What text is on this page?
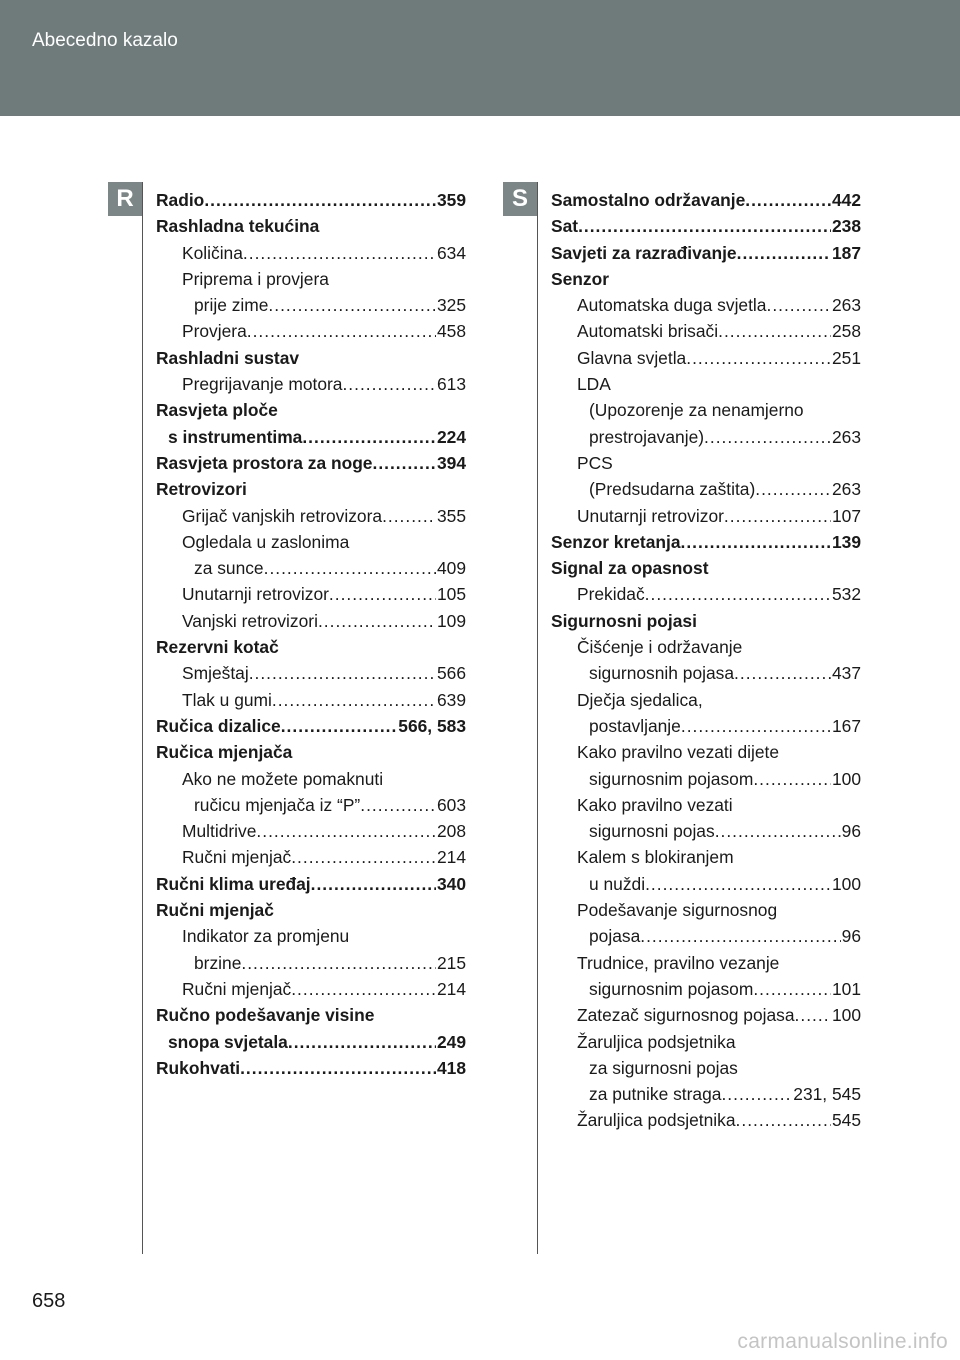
Abecedno kazalo
R	S
Radio .....	359
Rashladna tekućina
Količina .....	634
Priprema i provjera
prije zime .....	325
Provjera .....	458
Rashladni sustav
Pregrijavanje motora .....	613
Rasvjeta ploče
s instrumentima .....	224
Rasvjeta prostora za noge .....	394
Retrovizori
Grijač vanjskih retrovizora .....	355
Ogledala u zaslonima
za sunce .....	409
Unutarnji retrovizor .....	105
Vanjski retrovizori .....	109
Rezervni kotač
Smještaj .....	566
Tlak u gumi .....	639
Ručica dizalice .....	566, 583
Ručica mjenjača
Ako ne možete pomaknuti
ručicu mjenjača iz “P” .....	603
Multidrive .....	208
Ručni mjenjač .....	214
Ručni klima uređaj .....	340
Ručni mjenjač
Indikator za promjenu
brzine .....	215
Ručni mjenjač .....	214
Ručno podešavanje visine
snopa svjetala .....	249
Rukohvati .....	418
Samostalno održavanje .....	442
Sat .....	238
Savjeti za razrađivanje .....	187
Senzor
Automatska duga svjetla .....	263
Automatski brisači .....	258
Glavna svjetla .....	251
LDA
(Upozorenje za nenamjerno
prestrojavanje) .....	263
PCS
(Predsudarna zaštita) .....	263
Unutarnji retrovizor .....	107
Senzor kretanja .....	139
Signal za opasnost
Prekidač .....	532
Sigurnosni pojasi
Čišćenje i održavanje
sigurnosnih pojasa .....	437
Dječja sjedalica,
postavljanje .....	167
Kako pravilno vezati dijete
sigurnosnim pojasom .....	100
Kako pravilno vezati
sigurnosni pojas .....	96
Kalem s blokiranjem
u nuždi .....	100
Podešavanje sigurnosnog
pojasa .....	96
Trudnice, pravilno vezanje
sigurnosnim pojasom .....	101
Zatezač sigurnosnog pojasa ..... 100
Žaruljica podsjetnika
za sigurnosni pojas
za putnike straga .....	231, 545
Žaruljica podsjetnika .....	545
658
carmanualsonline.info
